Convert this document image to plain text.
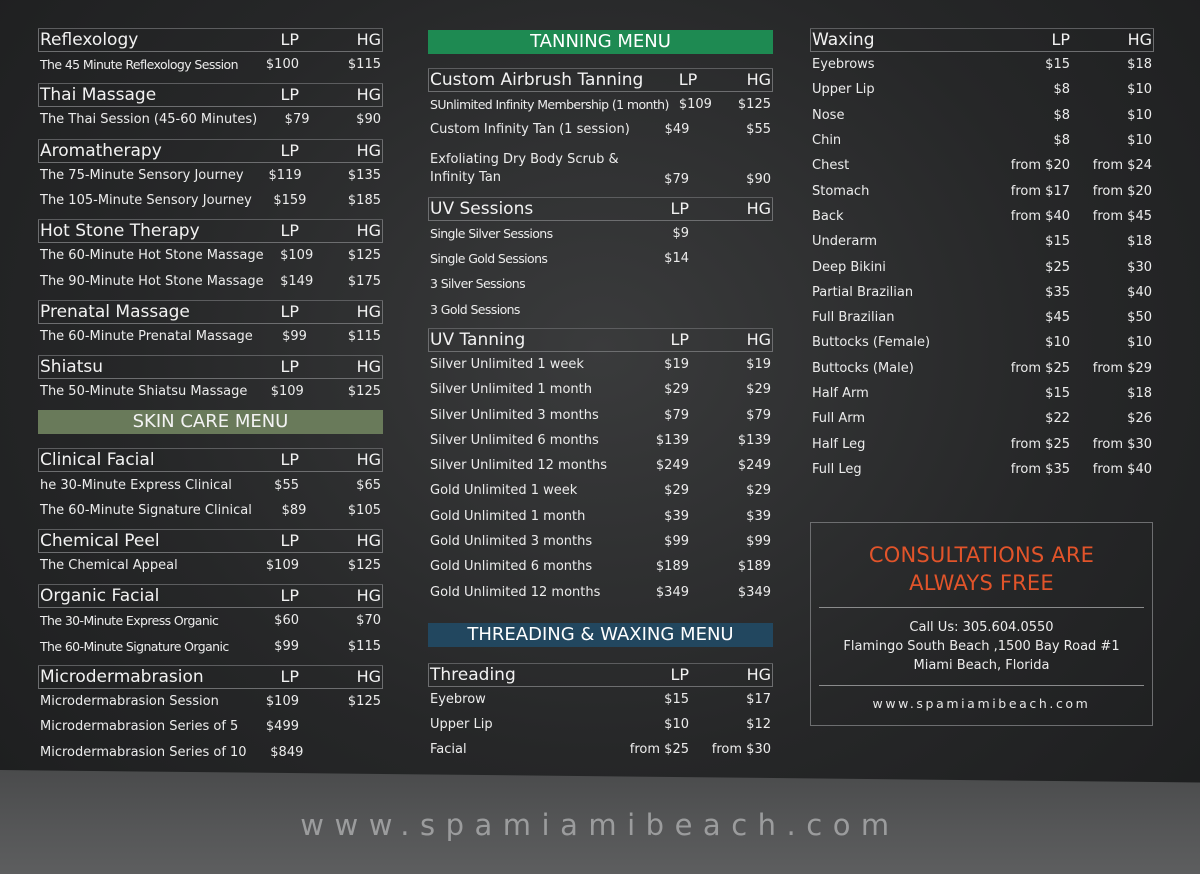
www.spamiamibeach.com
Reflexology	LP	HG
The 45 Minute Reflexology Session	$100	$115
Thai Massage	LP	HG
The Thai Session (45-60 Minutes)	$79	$90
Aromatherapy	LP	HG
The 75-Minute Sensory Journey	$119	$135
The 105-Minute Sensory Journey	$159	$185
Hot Stone Therapy	LP	HG
The 60-Minute Hot Stone Massage	$109	$125
The 90-Minute Hot Stone Massage	$149	$175
Prenatal Massage	LP	HG
The 60-Minute Prenatal Massage	$99	$115
Shiatsu	LP	HG
The 50-Minute Shiatsu Massage	$109	$125
SKIN CARE MENU
Clinical Facial	LP	HG
he 30-Minute Express Clinical	$55	$65
The 60-Minute Signature Clinical	$89	$105
Chemical Peel	LP	HG
The Chemical Appeal	$109	$125
Organic Facial	LP	HG
The 30-Minute Express Organic	$60	$70
The 60-Minute Signature Organic	$99	$115
Microdermabrasion	LP	HG
Microdermabrasion Session	$109	$125
Microdermabrasion Series of 5	$499
Microdermabrasion Series of 10	$849
TANNING MENU
Custom Airbrush Tanning	LP	HG
SUnlimited Infinity Membership (1 month) $109	$125
Custom Infinity Tan (1 session)	$49	$55
Exfoliating Dry Body Scrub &
Infinity Tan	$79	$90
UV Sessions	LP	HG
Single Silver Sessions	$9
Single Gold Sessions	$14
3 Silver Sessions
3 Gold Sessions
UV Tanning	LP	HG
Silver Unlimited 1 week	$19	$19
Silver Unlimited 1 month	$29	$29
Silver Unlimited 3 months	$79	$79
Silver Unlimited 6 months	$139	$139
Silver Unlimited 12 months	$249	$249
Gold Unlimited 1 week	$29	$29
Gold Unlimited 1 month	$39	$39
Gold Unlimited 3 months	$99	$99
Gold Unlimited 6 months	$189	$189
Gold Unlimited 12 months	$349	$349
THREADING & WAXING MENU
Threading	LP	HG
Eyebrow	$15	$17
Upper Lip	$10	$12
Facial	from $25	from $30
Waxing	LP	HG
Eyebrows	$15	$18
Upper Lip	$8	$10
Nose	$8	$10
Chin	$8	$10
Chest	from $20	from $24
Stomach	from $17	from $20
Back	from $40	from $45
Underarm	$15	$18
Deep Bikini	$25	$30
Partial Brazilian	$35	$40
Full Brazilian	$45	$50
Buttocks (Female)	$10	$10
Buttocks (Male)	from $25	from $29
Half Arm	$15	$18
Full Arm	$22	$26
Half Leg	from $25	from $30
Full Leg	from $35	from $40
CONSULTATIONS ARE
ALWAYS FREE
Call Us: 305.604.0550
Flamingo South Beach ,1500 Bay Road #1
Miami Beach, Florida
www.spamiamibeach.com
